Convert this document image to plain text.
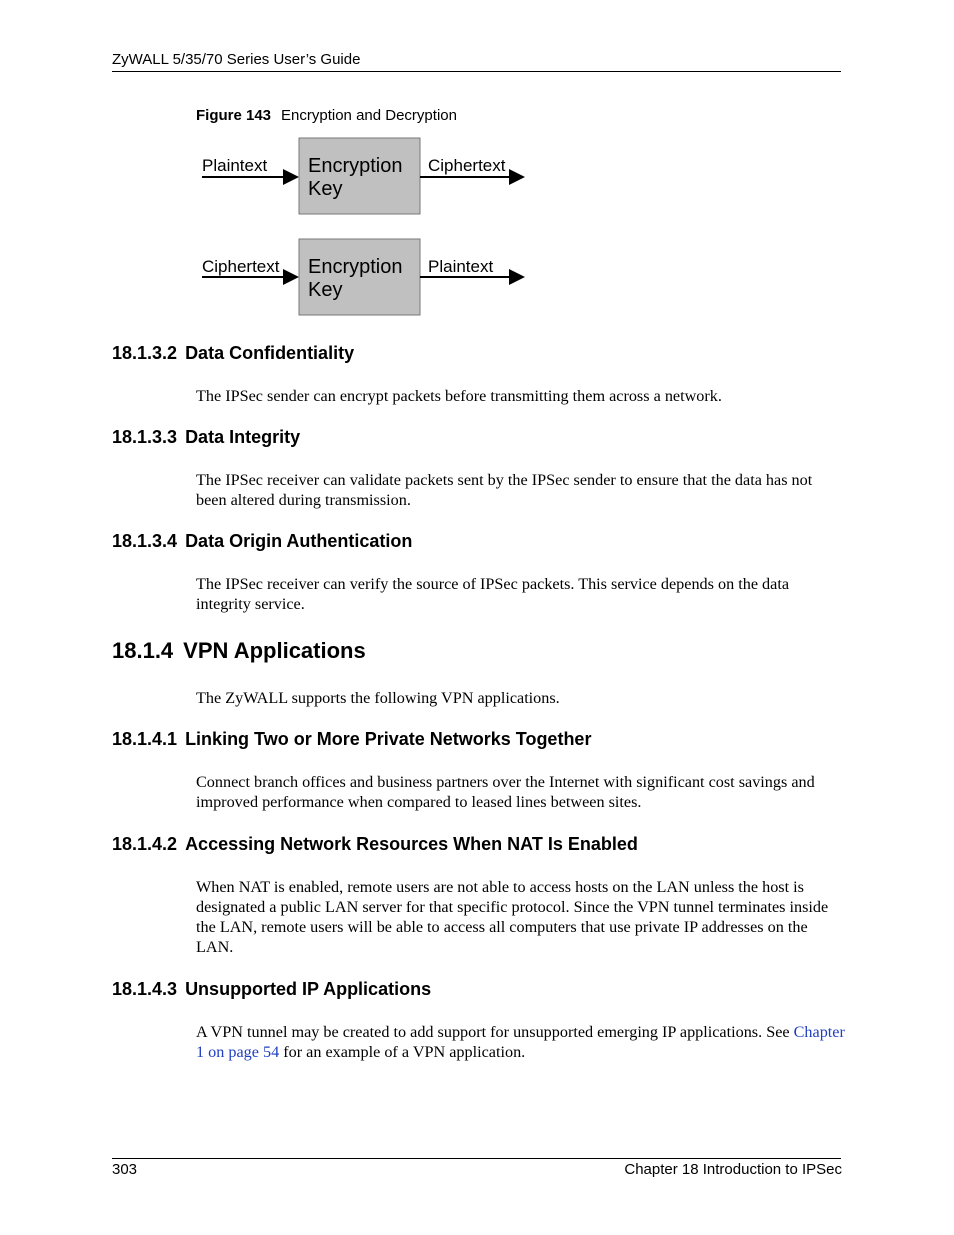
ZyWALL 5/35/70 Series User’s Guide
Figure 143 Encryption and Decryption
Plaintext Encryption
Key
Ciphertext
Ciphertext Encryption
Key
Plaintext
18.1.3.2 Data Confidentiality
The IPSec sender can encrypt packets before transmitting them across a network.
18.1.3.3 Data Integrity
The IPSec receiver can validate packets sent by the IPSec sender to ensure that the data has not been altered during transmission.
18.1.3.4 Data Origin Authentication
The IPSec receiver can verify the source of IPSec packets. This service depends on the data integrity service.
18.1.4 VPN Applications
The ZyWALL supports the following VPN applications.
18.1.4.1 Linking Two or More Private Networks Together
Connect branch offices and business partners over the Internet with significant cost savings and improved performance when compared to leased lines between sites.
18.1.4.2 Accessing Network Resources When NAT Is Enabled
When NAT is enabled, remote users are not able to access hosts on the LAN unless the host is designated a public LAN server for that specific protocol. Since the VPN tunnel terminates inside the LAN, remote users will be able to access all computers that use private IP addresses on the LAN.
18.1.4.3 Unsupported IP Applications
A VPN tunnel may be created to add support for unsupported emerging IP applications. See Chapter 1 on page 54 for an example of a VPN application.
303	Chapter 18 Introduction to IPSec
